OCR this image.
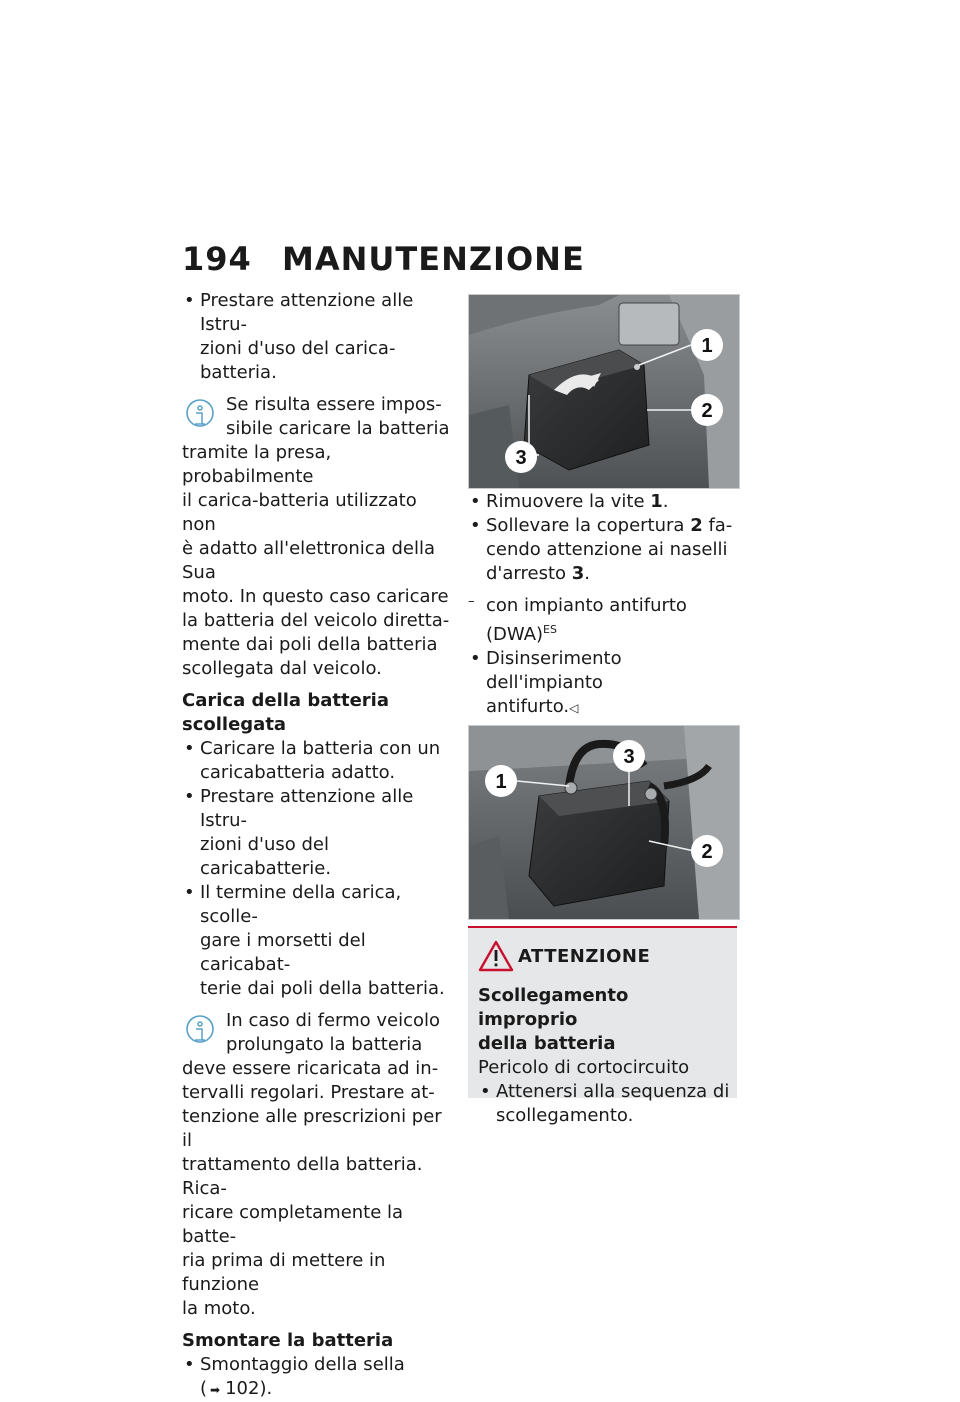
194 MANUTENZIONE

• Prestare attenzione alle Istru-
zioni d'uso del carica-batteria.

Se risulta essere impos-
sibile caricare la batteria
tramite la presa, probabilmente
il carica-batteria utilizzato non
è adatto all'elettronica della Sua
moto. In questo caso caricare
la batteria del veicolo diretta-
mente dai poli della batteria
scollegata dal veicolo.

Carica della batteria
scollegata

• Caricare la batteria con un
caricabatteria adatto.

• Prestare attenzione alle Istru-
zioni d'uso del caricabatterie.

• Il termine della carica, scolle-
gare i morsetti del caricabat-
terie dai poli della batteria.

In caso di fermo veicolo
prolungato la batteria
deve essere ricaricata ad in-
tervalli regolari. Prestare at-
tenzione alle prescrizioni per il
trattamento della batteria. Rica-
ricare completamente la batte-
ria prima di mettere in funzione
la moto.

Smontare la batteria

• Smontaggio della sella
( ➡ 102).

1
2
3

• Rimuovere la vite 1.

• Sollevare la copertura 2 fa-
cendo attenzione ai naselli
d'arresto 3.

– con impianto antifurto
(DWA)$^{ES}$

• Disinserimento dell'impianto
antifurto.◁

•

1
3
2
ATTENZIONE
Scollegamento improprio
della batteria
Pericolo di cortocircuito

• Attenersi alla sequenza di
scollegamento.
